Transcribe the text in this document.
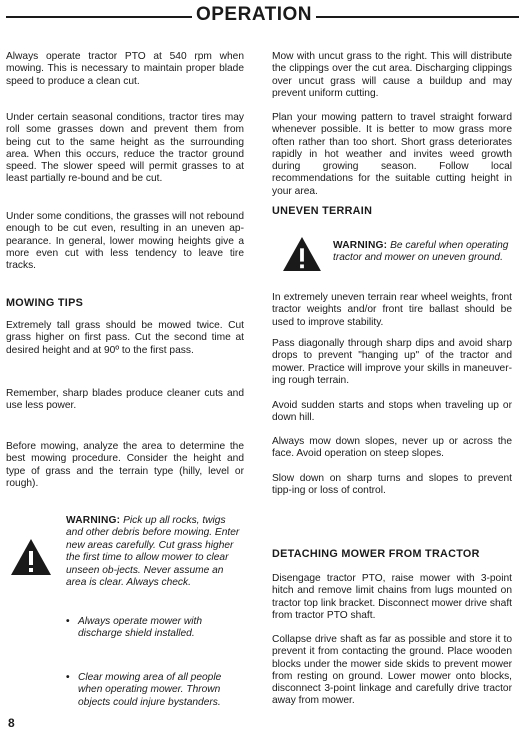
OPERATION

Always operate tractor PTO at 540 rpm when mowing. This is necessary to maintain proper blade speed to produce a clean cut.

Under certain seasonal conditions, tractor tires may roll some grasses down and prevent them from being cut to the same height as the surrounding area. When this occurs, reduce the tractor ground speed. The slower speed will permit grasses to at least partially re-bound and be cut.

Under some conditions, the grasses will not rebound enough to be cut even, resulting in an uneven ap-pearance. In general, lower mowing heights give a more even cut with less tendency to leave tire tracks.

MOWING TIPS

Extremely tall grass should be mowed twice. Cut grass higher on first pass. Cut the second time at desired height and at 90º to the first pass.

Remember, sharp blades produce cleaner cuts and use less power.

Before mowing, analyze the area to determine the best mowing procedure. Consider the height and type of grass and the terrain type (hilly, level or rough).

WARNING: Pick up all rocks, twigs and other debris before mowing. Enter new areas carefully. Cut grass higher the first time to allow mower to clear unseen ob-jects. Never assume an area is clear. Always check.
• Always operate mower with discharge shield installed.
• Clear mowing area of all people when operating mower. Thrown objects could injure bystanders.
8

Mow with uncut grass to the right. This will distribute the clippings over the cut area. Discharging clippings over uncut grass will cause a buildup and may prevent uniform cutting.

Plan your mowing pattern to travel straight forward whenever possible. It is better to mow grass more often rather than too short. Short grass deteriorates rapidly in hot weather and invites weed growth during growing season. Follow local recommendations for the suitable cutting height in your area.

UNEVEN TERRAIN
WARNING: Be careful when operating tractor and mower on uneven ground.

In extremely uneven terrain rear wheel weights, front tractor weights and/or front tire ballast should be used to improve stability.

Pass diagonally through sharp dips and avoid sharp drops to prevent "hanging up" of the tractor and mower. Practice will improve your skills in maneuver-ing rough terrain.

Avoid sudden starts and stops when traveling up or down hill.

Always mow down slopes, never up or across the face. Avoid operation on steep slopes.

Slow down on sharp turns and slopes to prevent tipp-ing or loss of control.

DETACHING MOWER FROM TRACTOR

Disengage tractor PTO, raise mower with 3-point hitch and remove limit chains from lugs mounted on tractor top link bracket. Disconnect mower drive shaft from tractor PTO shaft.

Collapse drive shaft as far as possible and store it to prevent it from contacting the ground. Place wooden blocks under the mower side skids to prevent mower from resting on ground. Lower mower onto blocks, disconnect 3-point linkage and carefully drive tractor away from mower.
